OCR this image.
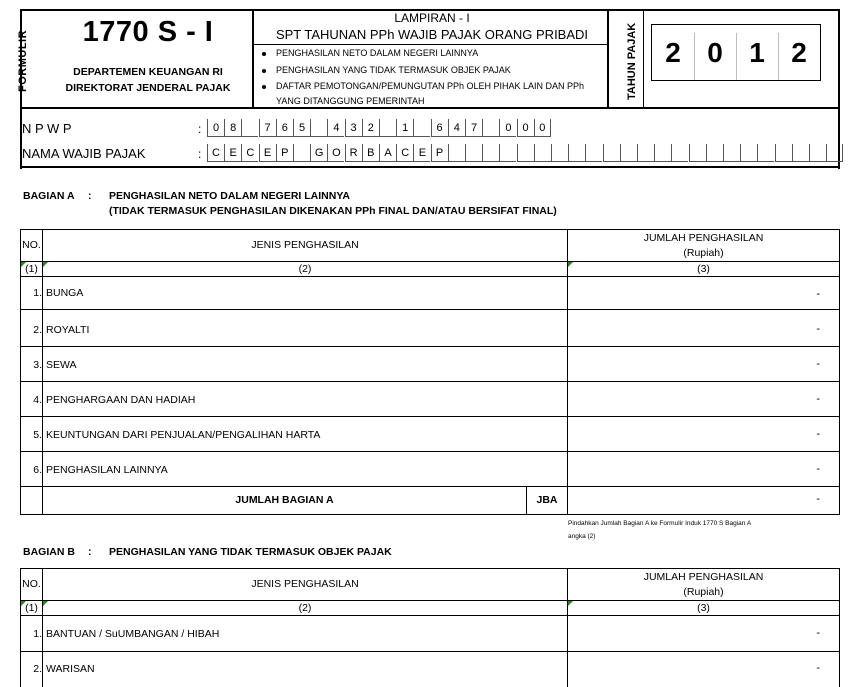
FORMULIR	1770 S - I
DEPARTEMEN KEUANGAN RI
DIREKTORAT JENDERAL PAJAK
LAMPIRAN - I
SPT TAHUNAN PPh WAJIB PAJAK ORANG PRIBADI
PENGHASILAN NETO DALAM NEGERI LAINNYA
PENGHASILAN YANG TIDAK TERMASUK OBJEK PAJAK
DAFTAR PEMOTONGAN/PEMUNGUTAN PPh OLEH PIHAK LAIN DAN PPh
YANG DITANGGUNG PEMERINTAH
TAHUN PAJAK 2 0 1 2
N P W P	:	0	8	7	6	5	4	3	2	1	6	4	7	0	0 0
NAMA WAJIB PAJAK	: C E C E P	G O R B A C E P
BAGIAN A : PENGHASILAN NETO DALAM NEGERI LAINNYA
(TIDAK TERMASUK PENGHASILAN DIKENAKAN PPh FINAL DAN/ATAU BERSIFAT FINAL)
NO.	JENIS PENGHASILAN
JUMLAH PENGHASILAN
(Rupiah)
(1)	(2)	(3)
1. BUNGA	-
2. ROYALTI	-
3. SEWA	-
4. PENGHARGAAN DAN HADIAH	-
5. KEUNTUNGAN DARI PENJUALAN/PENGALIHAN HARTA	-
6. PENGHASILAN LAINNYA	-
JUMLAH BAGIAN A	JBA	-
Pindahkan Jumlah Bagian A ke Formulir Induk 1770 S Bagian A
angka (2)
BAGIAN B : PENGHASILAN YANG TIDAK TERMASUK OBJEK PAJAK
NO.	JENIS PENGHASILAN
JUMLAH PENGHASILAN
(Rupiah)
(1)	(2)	(3)
1. BANTUAN / SuUMBANGAN / HIBAH	-
2. WARISAN	-
